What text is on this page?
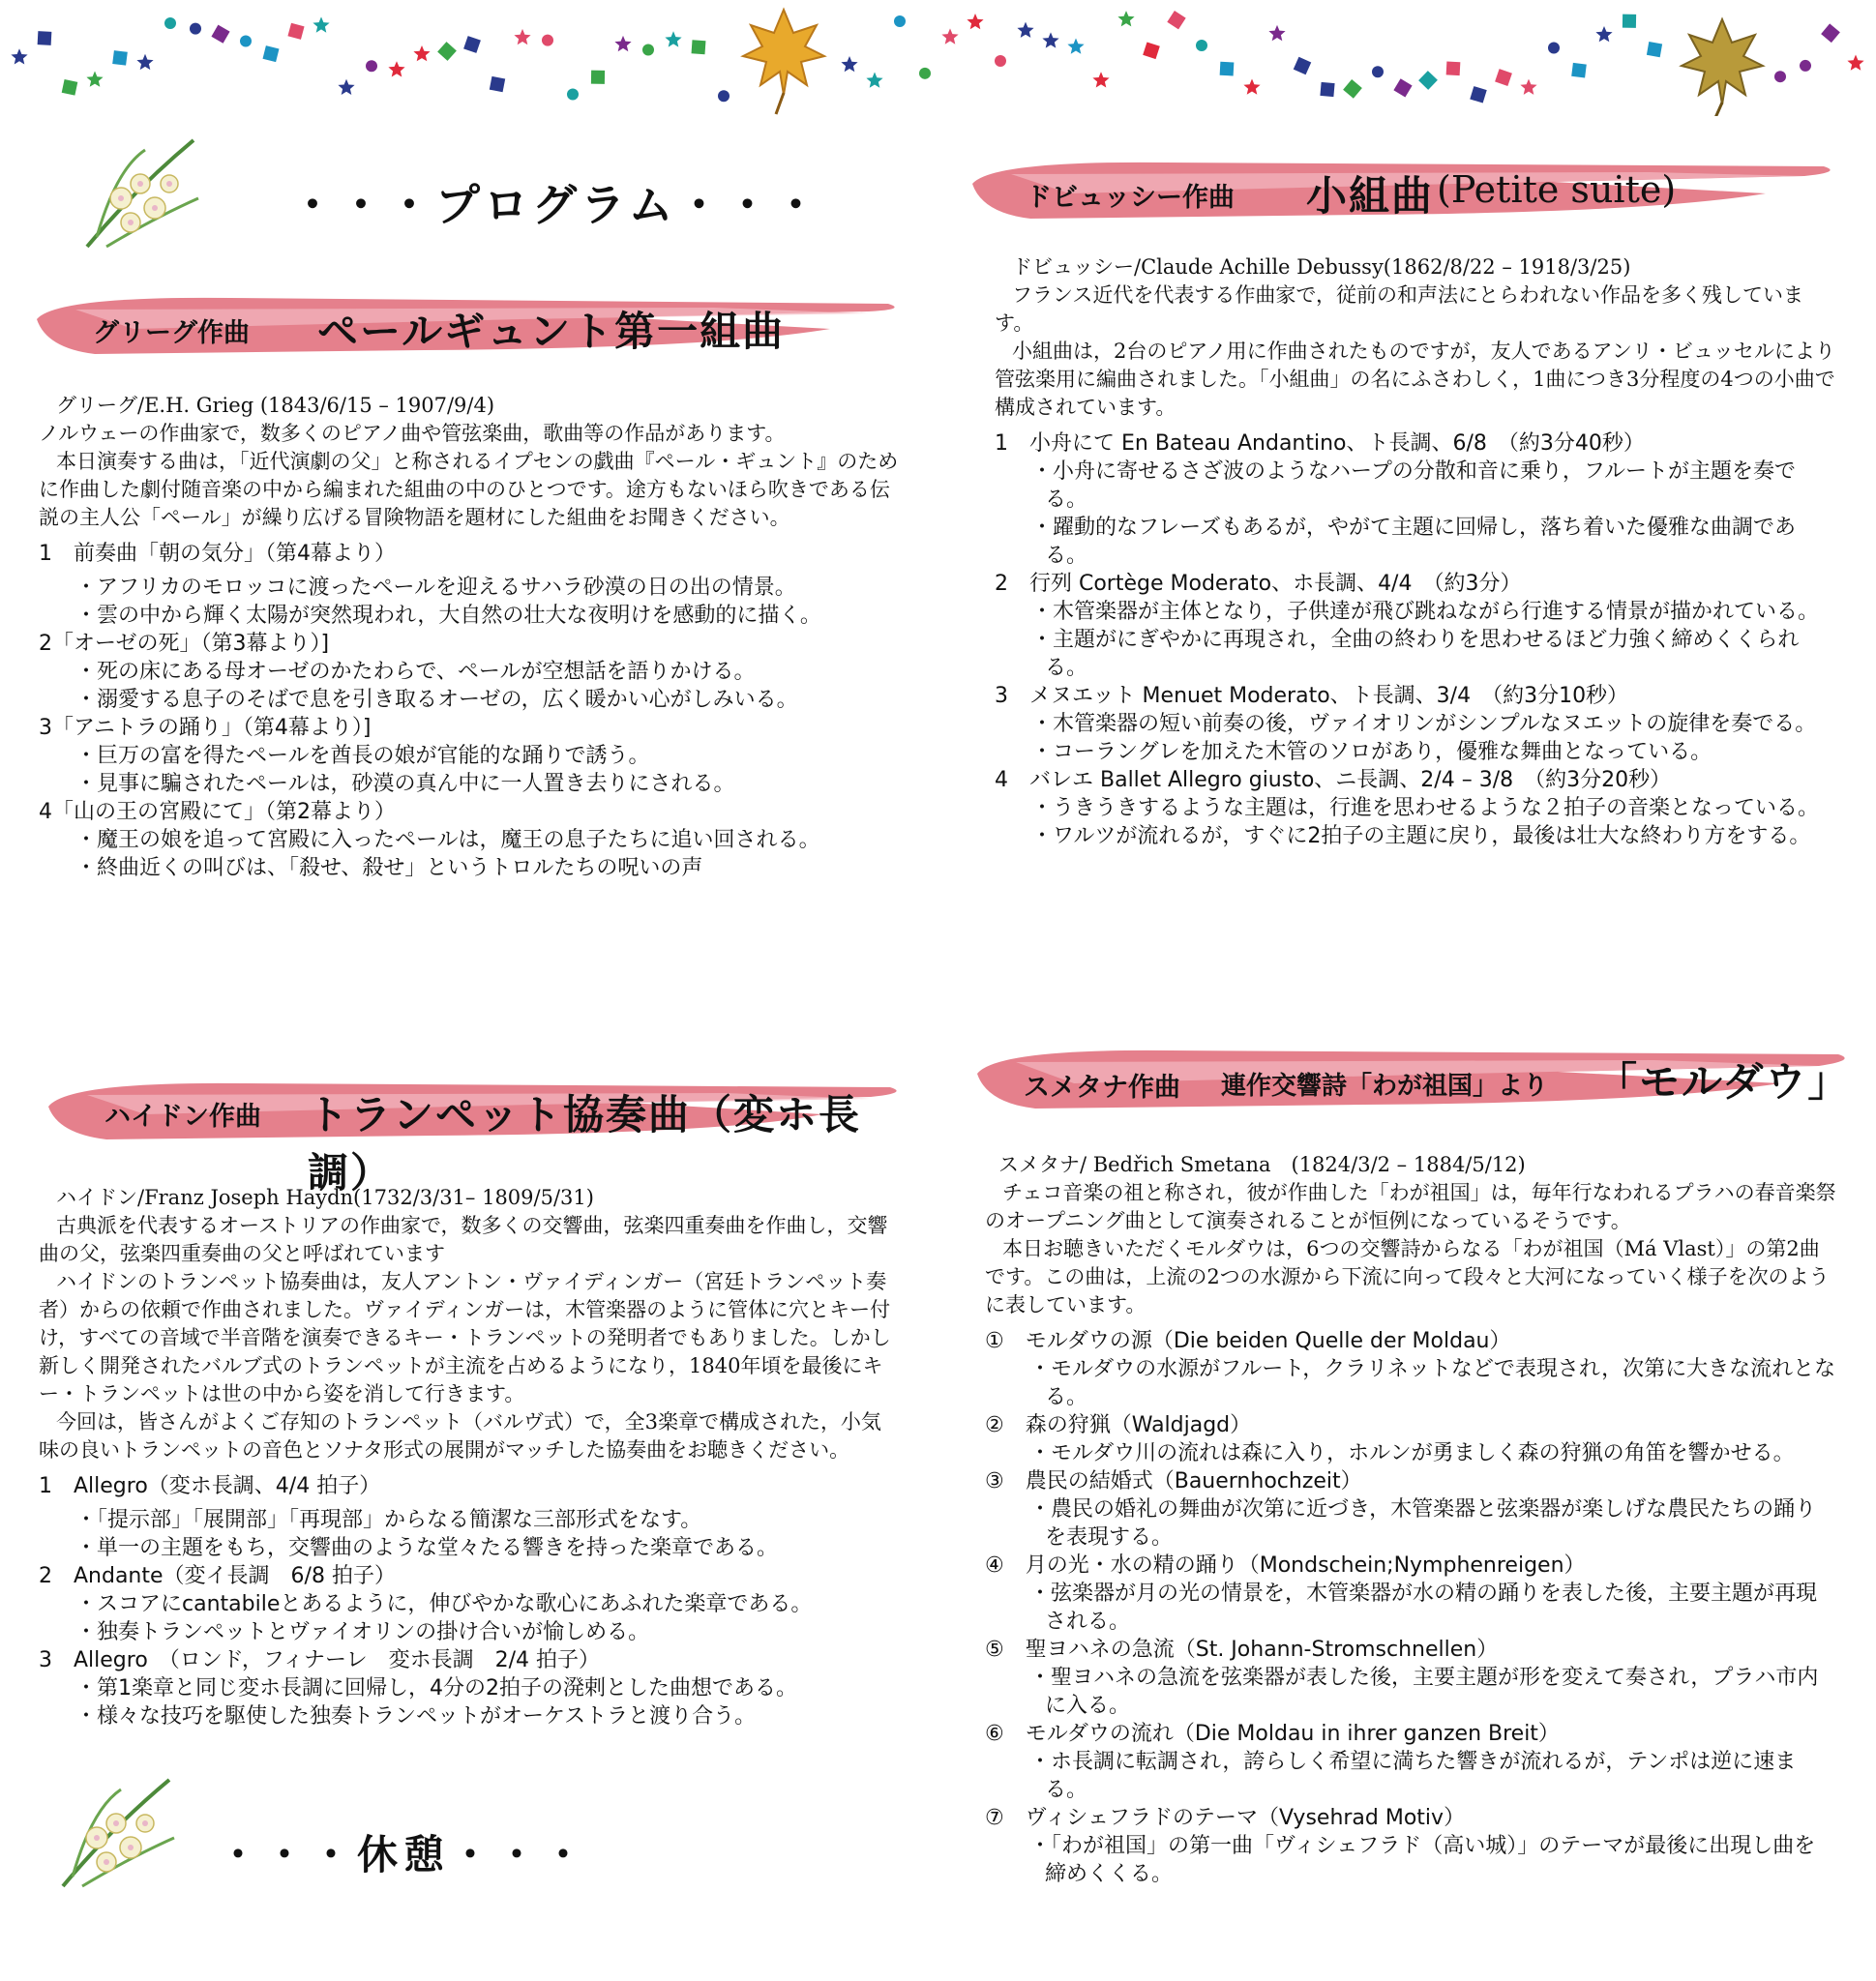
・・・プログラム・・・
グリーグ作曲 ペールギュント第一組曲

グリーグ/E.H. Grieg (1843/6/15 – 1907/9/4)

ノルウェーの作曲家で，数多くのピアノ曲や管弦楽曲，歌曲等の作品があります。

本日演奏する曲は，「近代演劇の父」と称されるイプセンの戯曲『ペール・ギュント』のために作曲した劇付随音楽の中から編まれた組曲の中のひとつです。途方もないほら吹きである伝説の主人公「ペール」が繰り広げる冒険物語を題材にした組曲をお聞きください。

1　前奏曲「朝の気分」（第4幕より）
・アフリカのモロッコに渡ったペールを迎えるサハラ砂漠の日の出の情景。
・雲の中から輝く太陽が突然現われ，大自然の壮大な夜明けを感動的に描く。
2「オーゼの死」（第3幕より）]
・死の床にある母オーゼのかたわらで、ペールが空想話を語りかける。
・溺愛する息子のそばで息を引き取るオーゼの，広く暖かい心がしみいる。
3「アニトラの踊り」（第4幕より）]
・巨万の富を得たペールを酋長の娘が官能的な踊りで誘う。
・見事に騙されたペールは，砂漠の真ん中に一人置き去りにされる。
4「山の王の宮殿にて」（第2幕より）
・魔王の娘を追って宮殿に入ったペールは，魔王の息子たちに追い回される。
・終曲近くの叫びは、「殺せ、殺せ」というトロルたちの呪いの声
ハイドン作曲 トランペット協奏曲（変ホ長調）

ハイドン/Franz Joseph Haydn(1732/3/31– 1809/5/31)

古典派を代表するオーストリアの作曲家で，数多くの交響曲，弦楽四重奏曲を作曲し，交響曲の父，弦楽四重奏曲の父と呼ばれています

ハイドンのトランペット協奏曲は，友人アントン・ヴァイディンガー（宮廷トランペット奏者）からの依頼で作曲されました。ヴァイディンガーは，木管楽器のように管体に穴とキー付け，すべての音域で半音階を演奏できるキー・トランペットの発明者でもありました。しかし新しく開発されたバルブ式のトランペットが主流を占めるようになり，1840年頃を最後にキー・トランペットは世の中から姿を消して行きます。

今回は，皆さんがよくご存知のトランペット（バルヴ式）で，全3楽章で構成された，小気味の良いトランペットの音色とソナタ形式の展開がマッチした協奏曲をお聴きください。

1　Allegro（変ホ長調、4/4 拍子）
・「提示部」「展開部」「再現部」からなる簡潔な三部形式をなす。
・単一の主題をもち，交響曲のような堂々たる響きを持った楽章である。
2　Andante（変イ長調　6/8 拍子）
・スコアにcantabileとあるように，伸びやかな歌心にあふれた楽章である。
・独奏トランペットとヴァイオリンの掛け合いが愉しめる。
3　Allegro　（ロンド，フィナーレ　変ホ長調　2/4 拍子）
・第1楽章と同じ変ホ長調に回帰し，4分の2拍子の溌剌とした曲想である。
・様々な技巧を駆使した独奏トランペットがオーケストラと渡り合う。
・・・休憩・・・
ドビュッシー作曲 小組曲 (Petite suite)

ドビュッシー/Claude Achille Debussy(1862/8/22 – 1918/3/25)

フランス近代を代表する作曲家で，従前の和声法にとらわれない作品を多く残しています。

小組曲は，2台のピアノ用に作曲されたものですが，友人であるアンリ・ビュッセルにより管弦楽用に編曲されました。「小組曲」の名にふさわしく，1曲につき3分程度の4つの小曲で構成されています。

1　小舟にて En Bateau Andantino、ト長調、6/8　（約3分40秒）
・小舟に寄せるさざ波のようなハープの分散和音に乗り，フルートが主題を奏でる。
・躍動的なフレーズもあるが，やがて主題に回帰し，落ち着いた優雅な曲調である。
2　行列 Cortège Moderato、ホ長調、4/4　（約3分）
・木管楽器が主体となり，子供達が飛び跳ねながら行進する情景が描かれている。
・主題がにぎやかに再現され，全曲の終わりを思わせるほど力強く締めくくられる。
3　メヌエット Menuet Moderato、ト長調、3/4　（約3分10秒）
・木管楽器の短い前奏の後，ヴァイオリンがシンプルなヌエットの旋律を奏でる。
・コーラングレを加えた木管のソロがあり，優雅な舞曲となっている。
4　バレエ Ballet Allegro giusto、ニ長調、2/4 – 3/8　（約3分20秒）
・うきうきするような主題は，行進を思わせるような２拍子の音楽となっている。
・ワルツが流れるが，すぐに2拍子の主題に戻り，最後は壮大な終わり方をする。
スメタナ作曲 連作交響詩「わが祖国」より 「モルダウ」

スメタナ/ Bedřich Smetana　(1824/3/2 – 1884/5/12)

チェコ音楽の祖と称され，彼が作曲した「わが祖国」は，毎年行なわれるプラハの春音楽祭のオープニング曲として演奏されることが恒例になっているそうです。

本日お聴きいただくモルダウは，6つの交響詩からなる「わが祖国（Má Vlast）」の第2曲です。この曲は，上流の2つの水源から下流に向って段々と大河になっていく様子を次のように表しています。

①　モルダウの源（Die beiden Quelle der Moldau）
・モルダウの水源がフルート，クラリネットなどで表現され，次第に大きな流れとなる。
②　森の狩猟（Waldjagd）
・モルダウ川の流れは森に入り，ホルンが勇ましく森の狩猟の角笛を響かせる。
③　農民の結婚式（Bauernhochzeit）
・農民の婚礼の舞曲が次第に近づき，木管楽器と弦楽器が楽しげな農民たちの踊りを表現する。
④　月の光・水の精の踊り（Mondschein;Nymphenreigen）
・弦楽器が月の光の情景を，木管楽器が水の精の踊りを表した後，主要主題が再現される。
⑤　聖ヨハネの急流（St. Johann-Stromschnellen）
・聖ヨハネの急流を弦楽器が表した後，主要主題が形を変えて奏され，プラハ市内に入る。
⑥　モルダウの流れ（Die Moldau in ihrer ganzen Breit）
・ホ長調に転調され，誇らしく希望に満ちた響きが流れるが，テンポは逆に速まる。
⑦　ヴィシェフラドのテーマ（Vysehrad Motiv）
・「わが祖国」の第一曲「ヴィシェフラド（高い城）」のテーマが最後に出現し曲を締めくくる。
